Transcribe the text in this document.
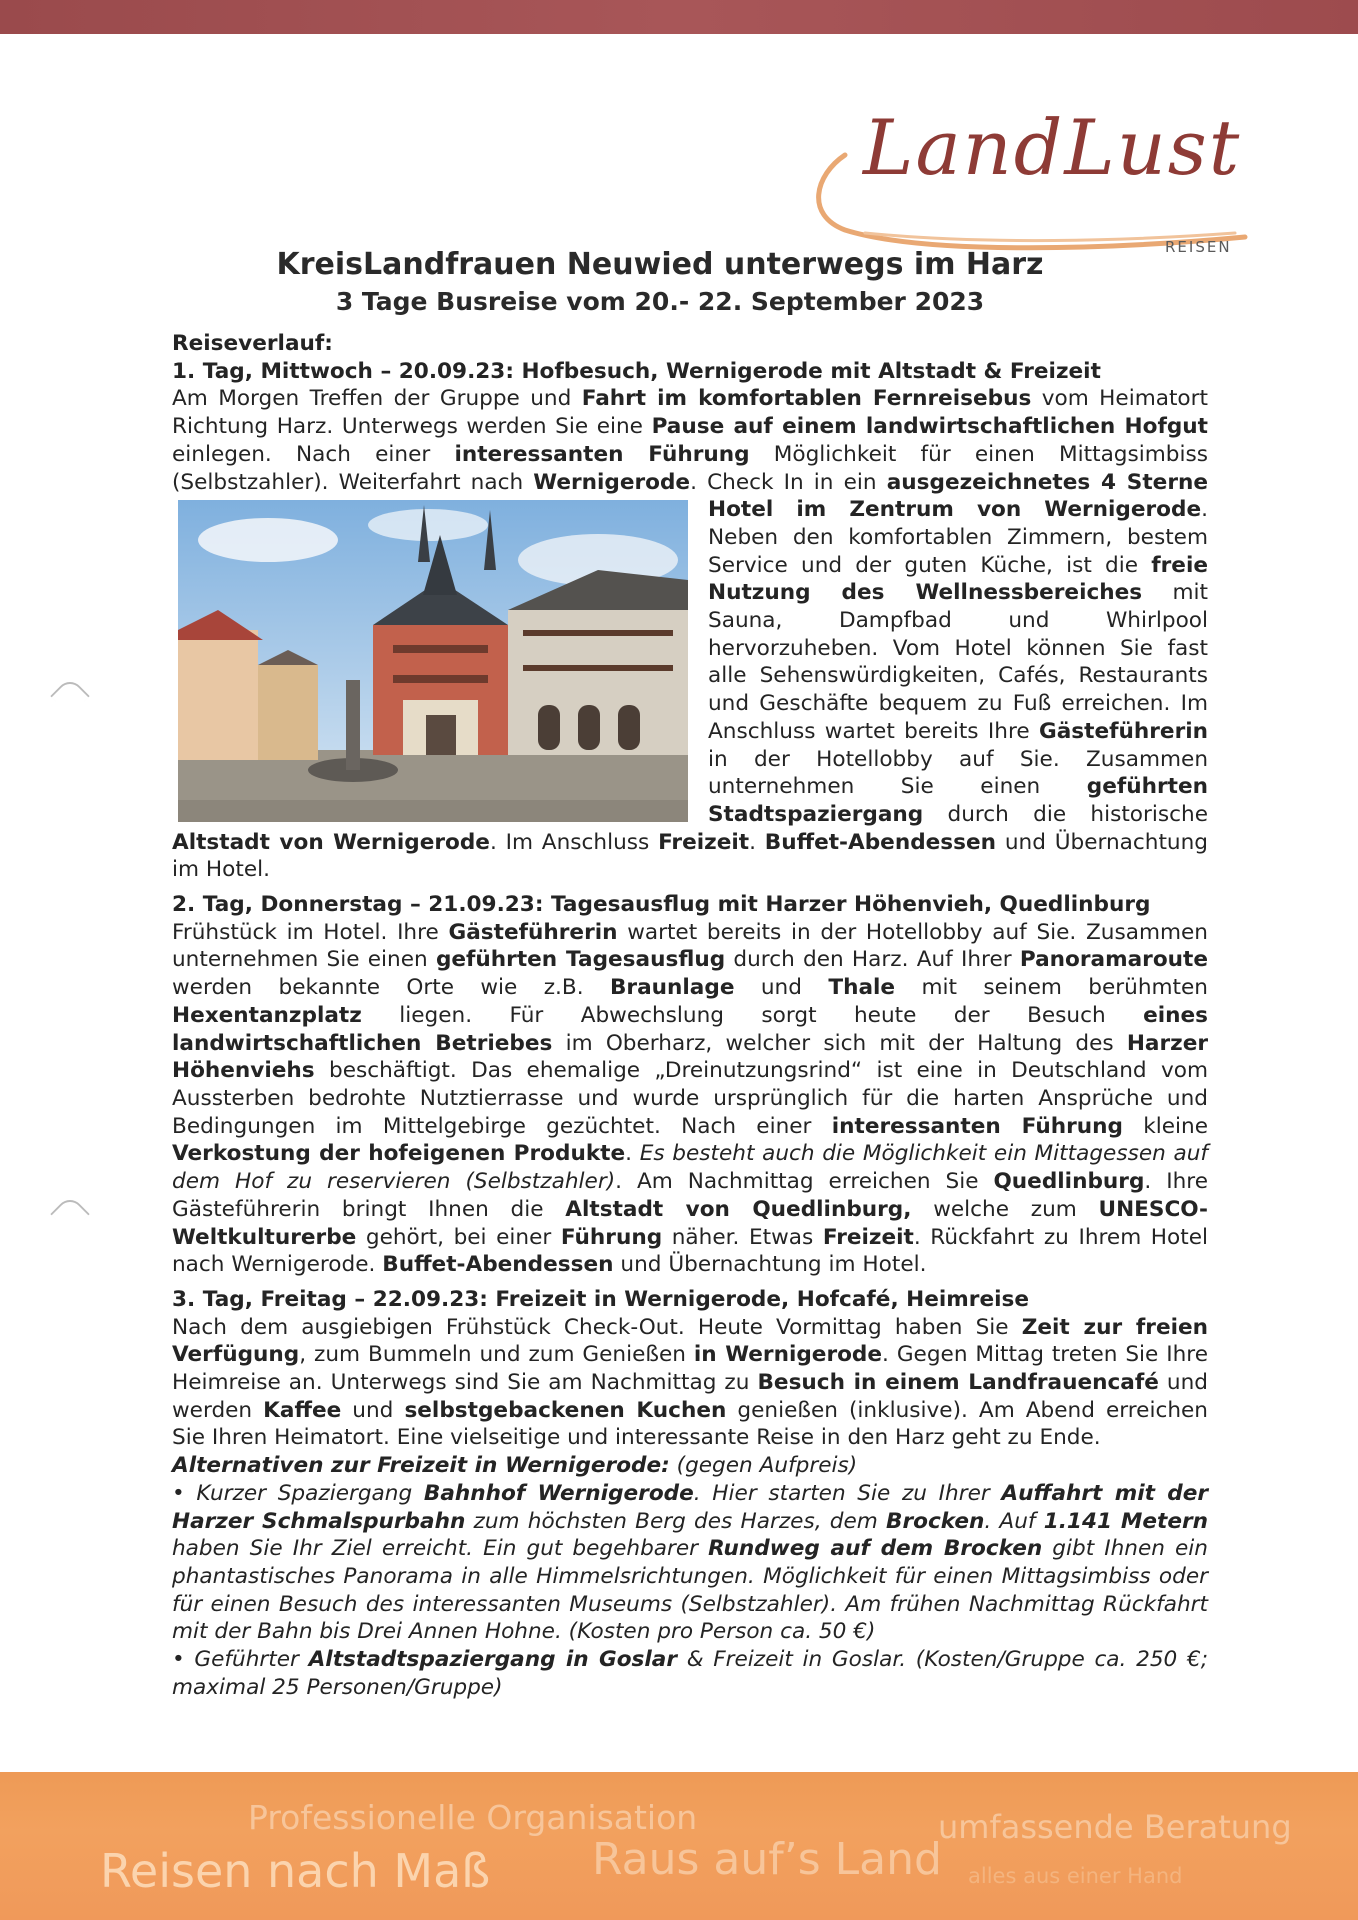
LandLust
REISEN
KreisLandfrauen Neuwied unterwegs im Harz
3 Tage Busreise vom 20.- 22. September 2023

Reiseverlauf:

1. Tag, Mittwoch – 20.09.23: Hofbesuch, Wernigerode mit Altstadt & Freizeit

Am Morgen Treffen der Gruppe und Fahrt im komfortablen Fernreisebus vom Heimatort Richtung Harz. Unterwegs werden Sie eine Pause auf einem landwirtschaftlichen Hofgut einlegen. Nach einer interessanten Führung Möglichkeit für einen Mittagsimbiss (Selbstzahler). Weiterfahrt nach Wernigerode. Check In in ein ausgezeichnetes 4 Sterne Hotel im Zentrum von Wernigerode
. Neben den komfortablen Zimmern, bestem Service und der guten Küche, ist die freie Nutzung des Wellnessbereiches mit Sauna, Dampfbad und Whirlpool hervorzuheben. Vom Hotel können Sie fast alle Sehenswürdigkeiten, Cafés, Restaurants und Geschäfte bequem zu Fuß erreichen. Im Anschluss wartet bereits Ihre Gästeführerin in der Hotellobby auf Sie. Zusammen unternehmen Sie einen geführten Stadtspaziergang durch die historische Altstadt von Wernigerode. Im Anschluss Freizeit. Buffet-Abendessen und Übernachtung im Hotel.

2. Tag, Donnerstag – 21.09.23: Tagesausflug mit Harzer Höhenvieh, Quedlinburg

Frühstück im Hotel. Ihre Gästeführerin wartet bereits in der Hotellobby auf Sie. Zusammen unternehmen Sie einen geführten Tagesausflug durch den Harz. Auf Ihrer Panoramaroute werden bekannte Orte wie z.B. Braunlage und Thale mit seinem berühmten Hexentanzplatz liegen. Für Abwechslung sorgt heute der Besuch eines landwirtschaftlichen Betriebes im Oberharz, welcher sich mit der Haltung des Harzer Höhenviehs beschäftigt. Das ehemalige „Dreinutzungsrind“ ist eine in Deutschland vom Aussterben bedrohte Nutztierrasse und wurde ursprünglich für die harten Ansprüche und Bedingungen im Mittelgebirge gezüchtet. Nach einer interessanten Führung kleine Verkostung der hofeigenen Produkte. Es besteht auch die Möglichkeit ein Mittagessen auf dem Hof zu reservieren (Selbstzahler). Am Nachmittag erreichen Sie Quedlinburg. Ihre Gästeführerin bringt Ihnen die Altstadt von Quedlinburg, welche zum UNESCO-Weltkulturerbe gehört, bei einer Führung näher. Etwas Freizeit. Rückfahrt zu Ihrem Hotel nach Wernigerode. Buffet-Abendessen und Übernachtung im Hotel.

3. Tag, Freitag – 22.09.23: Freizeit in Wernigerode, Hofcafé, Heimreise

Nach dem ausgiebigen Frühstück Check-Out. Heute Vormittag haben Sie Zeit zur freien Verfügung, zum Bummeln und zum Genießen in Wernigerode. Gegen Mittag treten Sie Ihre Heimreise an. Unterwegs sind Sie am Nachmittag zu Besuch in einem Landfrauencafé und werden Kaffee und selbstgebackenen Kuchen genießen (inklusive). Am Abend erreichen Sie Ihren Heimatort. Eine vielseitige und interessante Reise in den Harz geht zu Ende.

Alternativen zur Freizeit in Wernigerode: (gegen Aufpreis)

• Kurzer Spaziergang Bahnhof Wernigerode. Hier starten Sie zu Ihrer Auffahrt mit der Harzer Schmalspurbahn zum höchsten Berg des Harzes, dem Brocken. Auf 1.141 Metern haben Sie Ihr Ziel erreicht. Ein gut begehbarer Rundweg auf dem Brocken gibt Ihnen ein phantastisches Panorama in alle Himmelsrichtungen. Möglichkeit für einen Mittagsimbiss oder für einen Besuch des interessanten Museums (Selbstzahler). Am frühen Nachmittag Rückfahrt mit der Bahn bis Drei Annen Hohne. (Kosten pro Person ca. 50 €)

• Geführter Altstadtspaziergang in Goslar & Freizeit in Goslar. (Kosten/Gruppe ca. 250 €; maximal 25 Personen/Gruppe)

Professionelle Organisation
Reisen nach Maß Raus auf’s Land
umfassende Beratung
alles aus einer Hand
